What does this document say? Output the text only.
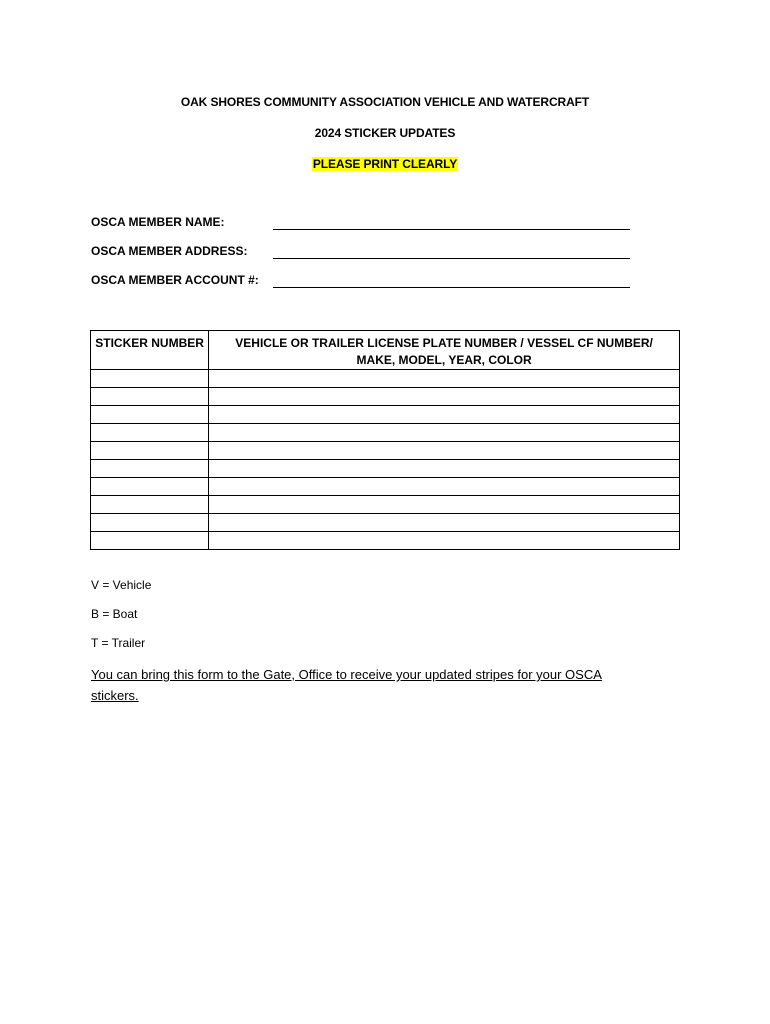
OAK SHORES COMMUNITY ASSOCIATION VEHICLE AND WATERCRAFT
2024 STICKER UPDATES
PLEASE PRINT CLEARLY
OSCA MEMBER NAME:
OSCA MEMBER ADDRESS:
OSCA MEMBER ACCOUNT #:
STICKER NUMBER	VEHICLE OR TRAILER LICENSE PLATE NUMBER / VESSEL CF NUMBER/
MAKE, MODEL, YEAR, COLOR

V = Vehicle
B = Boat
T = Trailer
You can bring this form to the Gate, Office to receive your updated stripes for your OSCA
stickers.
